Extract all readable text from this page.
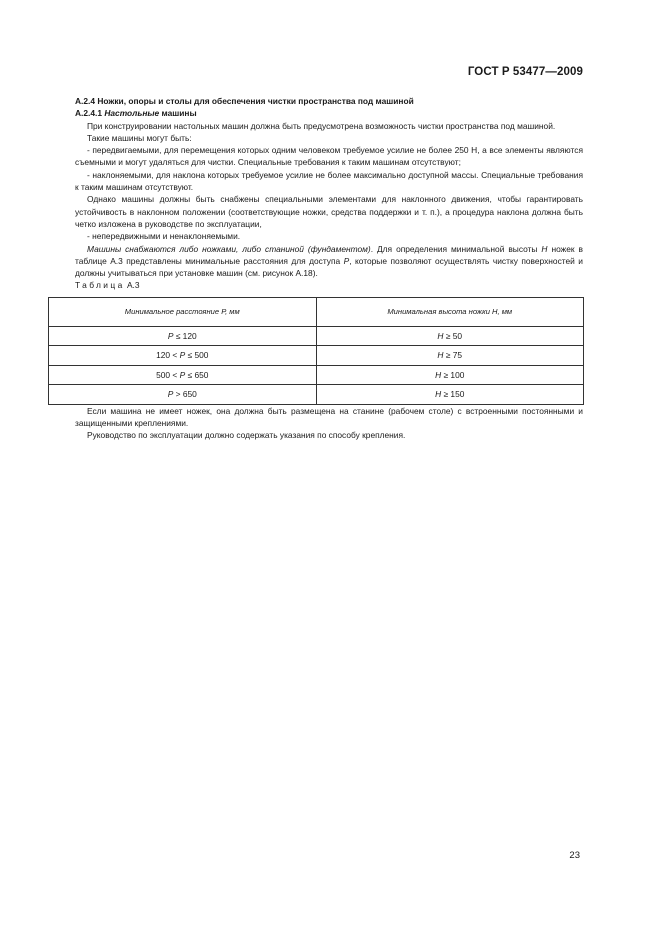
ГОСТ Р 53477—2009

А.2.4 Ножки, опоры и столы для обеспечения чистки пространства под машиной

А.2.4.1 Настольные машины

При конструировании настольных машин должна быть предусмотрена возможность чистки пространства под машиной.

Такие машины могут быть:

- передвигаемыми, для перемещения которых одним человеком требуемое усилие не более 250 Н, а все элементы являются съемными и могут удаляться для чистки. Специальные требования к таким машинам отсутствуют;

- наклоняемыми, для наклона которых требуемое усилие не более максимально доступной массы. Специальные требования к таким машинам отсутствуют.

Однако машины должны быть снабжены специальными элементами для наклонного движения, чтобы гарантировать устойчивость в наклонном положении (соответствующие ножки, средства поддержки и т. п.), а процедура наклона должна быть четко изложена в руководстве по эксплуатации,

- непередвижными и ненаклоняемыми.

Машины снабжаются либо ножками, либо станиной (фундаментом). Для определения минимальной высоты Н ножек в таблице А.3 представлены минимальные расстояния для доступа Р, которые позволяют осуществлять чистку поверхностей и должны учитываться при установке машин (см. рисунок А.18).

Таблица А.3

Минимальное расстояние Р, мм	Минимальная высота ножки Н, мм
Р ≤ 120	Н ≥ 50
120 < Р ≤ 500	Н ≥ 75
500 < Р ≤ 650	Н ≥ 100
Р > 650	Н ≥ 150

Если машина не имеет ножек, она должна быть размещена на станине (рабочем столе) с встроенными постоянными и защищенными креплениями.

Руководство по эксплуатации должно содержать указания по способу крепления.

23
